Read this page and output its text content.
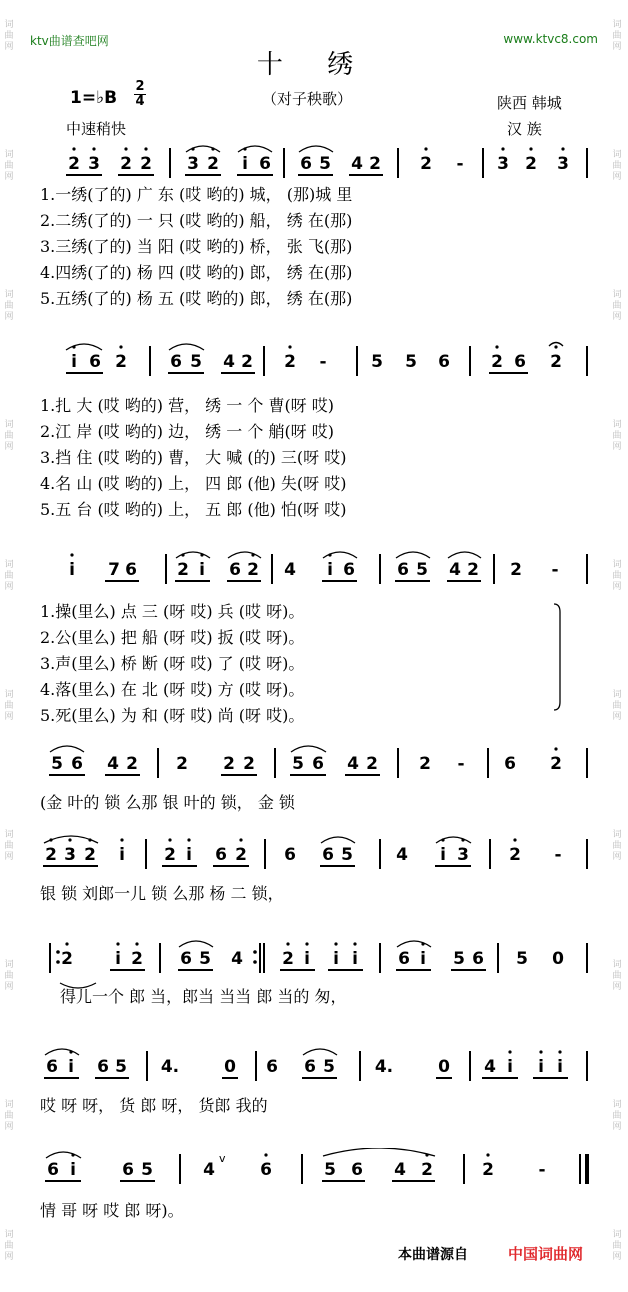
词曲网
词曲网
词曲网
词曲网
词曲网
词曲网
词曲网
词曲网
词曲网
词曲网
词曲网
词曲网
词曲网
词曲网
词曲网
词曲网
词曲网
词曲网
词曲网
词曲网
ktv曲谱查吧网	www.ktvc8.com
十 绣
1=♭B
2
4	（对子秧歌）	陕西 韩城
汉 族
中速稍快
2 3 2 2 3 2 i 6 6 5 4 2 2 - 3 2 3
1.一绣(了的) 广 东 (哎 哟的) 城， (那)城 里
2.二绣(了的) 一 只 (哎 哟的) 船， 绣 在(那)
3.三绣(了的) 当 阳 (哎 哟的) 桥， 张 飞(那)
4.四绣(了的) 杨 四 (哎 哟的) 郎， 绣 在(那)
5.五绣(了的) 杨 五 (哎 哟的) 郎， 绣 在(那)
i 6 2	6 5 4 2 2 -	5 5 6 2 6 2
1.扎 大 (哎 哟的) 营， 绣 一 个 曹(呀 哎)
2.江 岸 (哎 哟的) 边， 绣 一 个 艄(呀 哎)
3.挡 住 (哎 哟的) 曹， 大 喊 (的) 三(呀 哎)
4.名 山 (哎 哟的) 上， 四 郎 (他) 失(呀 哎)
5.五 台 (哎 哟的) 上， 五 郎 (他) 怕(呀 哎)
i 7 6 2 i 6 2 4 i 6 6 5 4 2 2 -
1.操(里么) 点 三 (呀 哎) 兵 (哎 呀)。
2.公(里么) 把 船 (呀 哎) 扳 (哎 呀)。
3.声(里么) 桥 断 (呀 哎) 了 (哎 呀)。
4.落(里么) 在 北 (呀 哎) 方 (哎 呀)。
5.死(里么) 为 和 (呀 哎) 尚 (呀 哎)。
5 6 4 2 2 2 2 5 6 4 2 2 - 6 2
(金 叶的 锁 么那 银 叶的 锁， 金 锁
2 3 2 i 2 i 6 2 6 6 5	4 i 3 2 -
银 锁 刘郎一儿 锁 么那 杨 二 锁，
2 i 2 6 5 4 2 i i i 6 i 5 6 5 0
得儿一个 郎 当，郎当 当当 郎 当的 匆，
6 i 6 5 4.	0 6 6 5 4.	0 4 i i i
哎 呀 呀， 货 郎 呀， 货郎 我的
6 i	6 5	4	6	5 6 4 2	2	-
v
情 哥 呀 哎 郎 呀)。
本曲谱源自	中国词曲网
